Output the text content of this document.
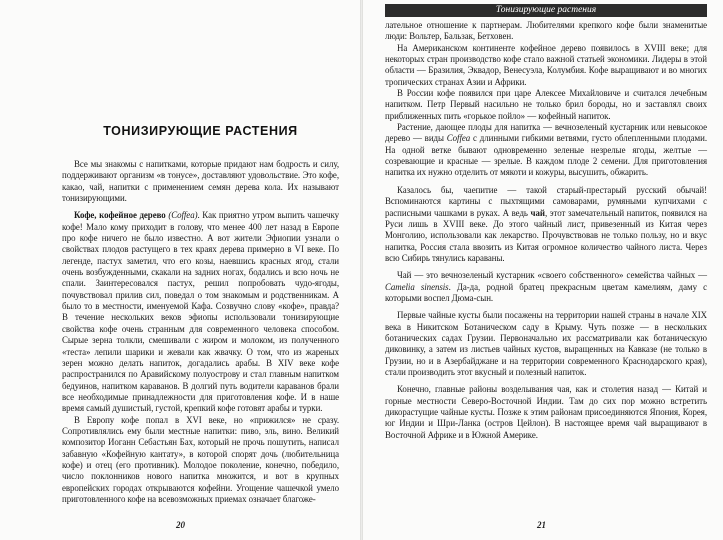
ТОНИЗИРУЮЩИЕ РАСТЕНИЯ

Все мы знакомы с напитками, которые придают нам бодрость и силу, поддерживают организм «в тонусе», доставляют удовольствие. Это кофе, какао, чай, напитки с применением семян дерева кола. Их называют тонизирующими.

Кофе, кофейное дерево (Coffea). Как приятно утром выпить чашечку кофе! Мало кому приходит в голову, что менее 400 лет назад в Европе про кофе ничего не было известно. А вот жители Эфиопии узнали о свойствах плодов растущего в тех краях дерева примерно в VI веке. По легенде, пастух заметил, что его козы, наевшись красных ягод, стали очень возбужденными, скакали на задних ногах, бодались и всю ночь не спали. Заинтересовался пастух, решил попробовать чудо-ягоды, почувствовал прилив сил, поведал о том знакомым и родственникам. А было то в местности, именуемой Кафа. Созвучно слову «кофе», правда? В течение нескольких веков эфиопы использовали тонизирующие свойства кофе очень странным для современного человека способом. Сырые зерна толкли, смешивали с жиром и молоком, из полученного «теста» лепили шарики и жевали как жвачку. О том, что из жареных зерен можно делать напиток, догадались арабы. В XIV веке кофе распространился по Аравийскому полуострову и стал главным напитком бедуинов, напитком караванов. В долгий путь водители караванов брали все необходимые принадлежности для приготовления кофе. И в наше время самый душистый, густой, крепкий кофе готовят арабы и турки.

В Европу кофе попал в XVI веке, но «прижился» не сразу. Сопротивлялись ему были местные напитки: пиво, эль, вино. Великий композитор Иоганн Себастьян Бах, который не прочь пошутить, написал забавную «Кофейную кантату», в которой спорят дочь (любительница кофе) и отец (его противник). Молодое поколение, конечно, победило, число поклонников нового напитка множится, и вот в крупных европейских городах открываются кофейни. Угощение чашечкой умело приготовленного кофе на всевозможных приемах означает благоже-

20
Тонизирующие растения

лательное отношение к партнерам. Любителями крепкого кофе были знаменитые люди: Вольтер, Бальзак, Бетховен.

На Американском континенте кофейное дерево появилось в XVIII веке; для некоторых стран производство кофе стало важной статьей экономики. Лидеры в этой области — Бразилия, Эквадор, Венесуэла, Колумбия. Кофе выращивают и во многих тропических странах Азии и Африки.

В России кофе появился при царе Алексее Михайловиче и считался лечебным напитком. Петр Первый насильно не только брил бороды, но и заставлял своих приближенных пить «горькое пойло» — кофейный напиток.

Растение, дающее плоды для напитка — вечнозеленый кустарник или невысокое дерево — виды Coffea с длинными гибкими ветвями, густо облепленными плодами. На одной ветке бывают одновременно зеленые незрелые ягоды, желтые — созревающие и красные — зрелые. В каждом плоде 2 семени. Для приготовления напитка их нужно отделить от мякоти и кожуры, высушить, обжарить.

Казалось бы, чаепитие — такой старый-престарый русский обычай! Вспоминаются картины с пыхтящими самоварами, румяными купчихами с расписными чашками в руках. А ведь чай, этот замечательный напиток, появился на Руси лишь в XVIII веке. До этого чайный лист, привезенный из Китая через Монголию, использовали как лекарство. Прочувствовав не только пользу, но и вкус напитка, Россия стала ввозить из Китая огромное количество чайного листа. Через всю Сибирь тянулись караваны.

Чай — это вечнозеленый кустарник «своего собственного» семейства чайных — Camelia sinensis. Да-да, родной братец прекрасным цветам камелиям, даму с которыми воспел Дюма-сын.

Первые чайные кусты были посажены на территории нашей страны в начале XIX века в Никитском Ботаническом саду в Крыму. Чуть позже — в нескольких ботанических садах Грузии. Первоначально их рассматривали как ботаническую диковинку, а затем из листьев чайных кустов, выращенных на Кавказе (не только в Грузии, но и в Азербайджане и на территории современного Краснодарского края), стали производить этот вкусный и полезный напиток.

Конечно, главные районы возделывания чая, как и столетия назад — Китай и горные местности Северо-Восточной Индии. Там до сих пор можно встретить дикорастущие чайные кусты. Позже к этим районам присоединяются Япония, Корея, юг Индии и Шри-Ланка (остров Цейлон). В настоящее время чай выращивают в Восточной Африке и в Южной Америке.

21
